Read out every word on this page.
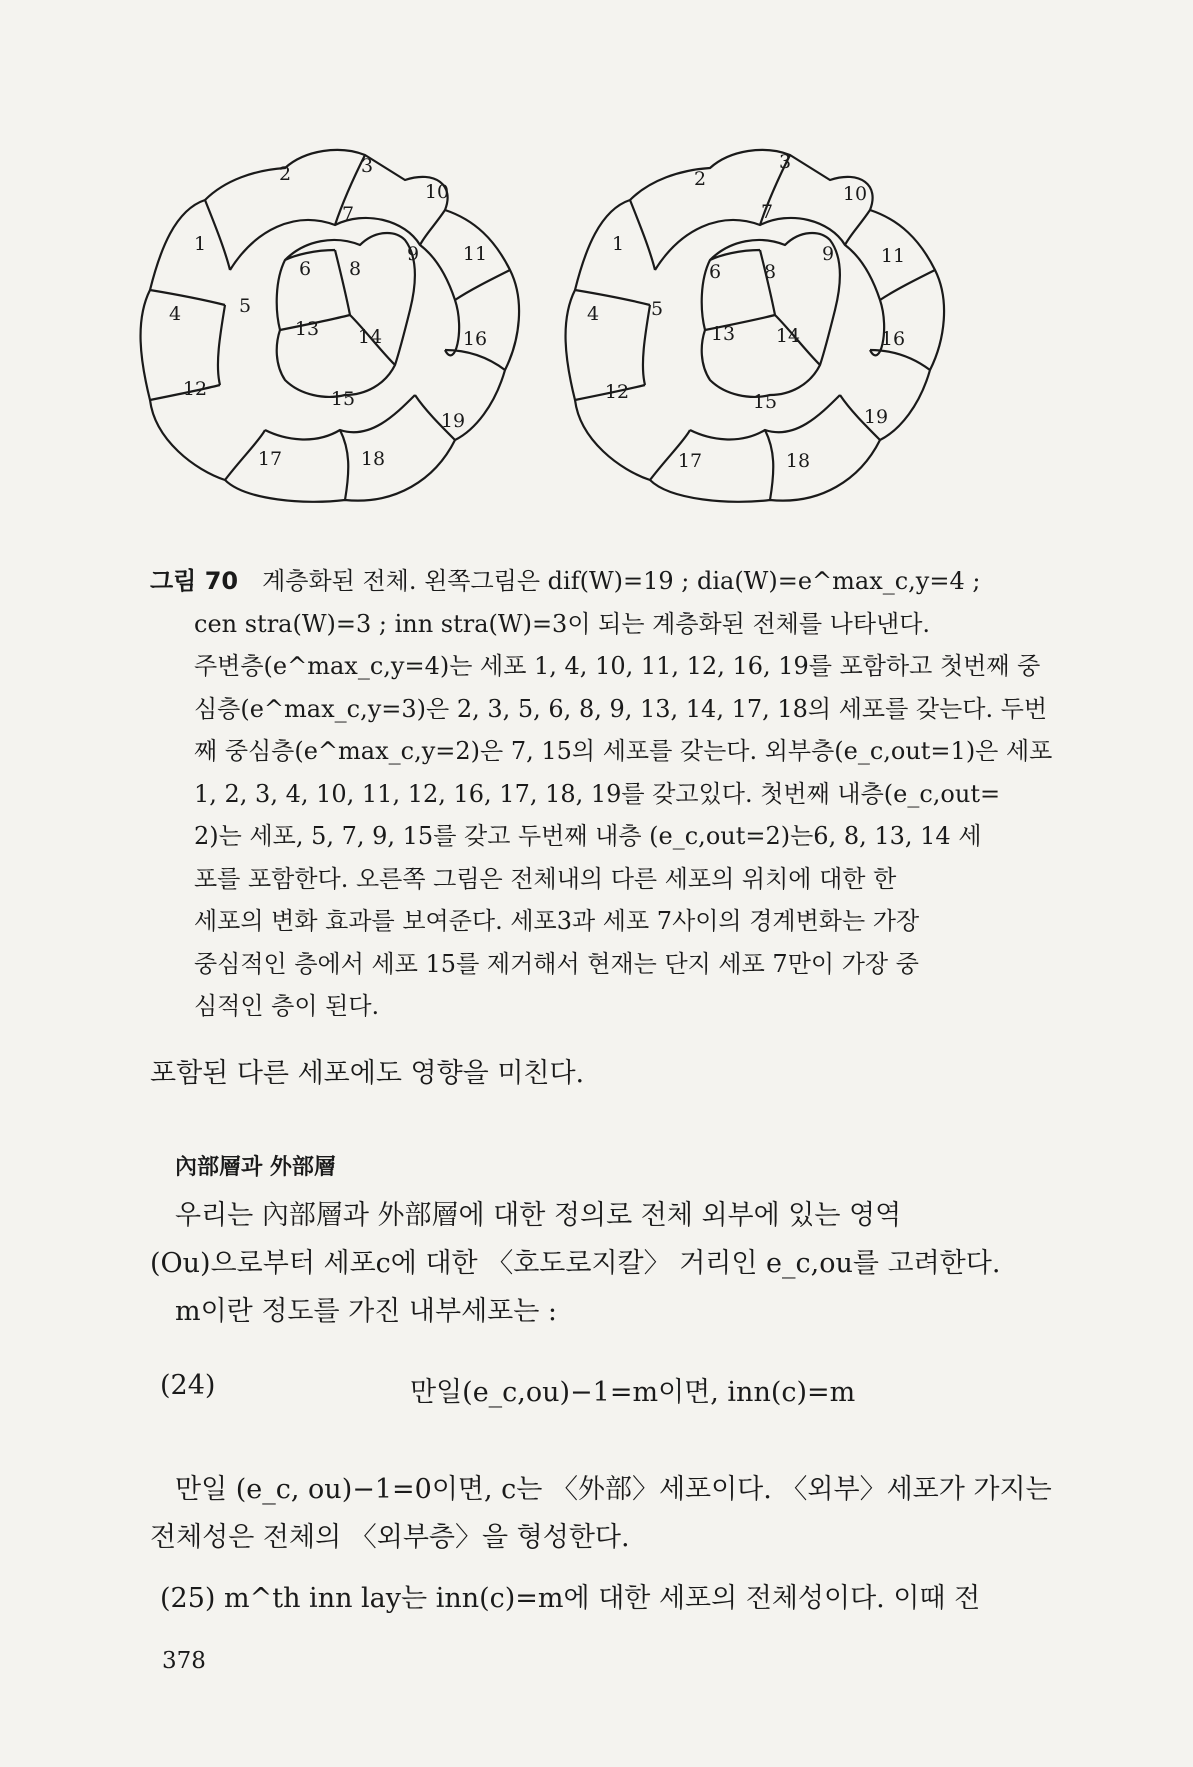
2	3
10
1
7
6 8
9 11
4	5
13 14	16
12	15
19
17	18
2
3
10
1
7
6 8
9 11
4	5
13 14	16
12	15
19
17	18

그림 70 계층화된 전체. 왼쪽그림은 dif(W)=19 ; dia(W)=e^max_c,y=4 ;

cen stra(W)=3 ; inn stra(W)=3이 되는 계층화된 전체를 나타낸다.

주변층(e^max_c,y=4)는 세포 1, 4, 10, 11, 12, 16, 19를 포함하고 첫번째 중

심층(e^max_c,y=3)은 2, 3, 5, 6, 8, 9, 13, 14, 17, 18의 세포를 갖는다. 두번

째 중심층(e^max_c,y=2)은 7, 15의 세포를 갖는다. 외부층(e_c,out=1)은 세포

1, 2, 3, 4, 10, 11, 12, 16, 17, 18, 19를 갖고있다. 첫번째 내층(e_c,out=

2)는 세포, 5, 7, 9, 15를 갖고 두번째 내층 (e_c,out=2)는6, 8, 13, 14 세

포를 포함한다. 오른쪽 그림은 전체내의 다른 세포의 위치에 대한 한

세포의 변화 효과를 보여준다. 세포3과 세포 7사이의 경계변화는 가장

중심적인 층에서 세포 15를 제거해서 현재는 단지 세포 7만이 가장 중

심적인 층이 된다.

포함된 다른 세포에도 영향을 미친다.
內部層과 外部層
우리는 內部層과 外部層에 대한 정의로 전체 외부에 있는 영역
(Ou)으로부터 세포c에 대한 〈호도로지칼〉 거리인 e_c,ou를 고려한다.
m이란 정도를 가진 내부세포는 :
(24)	만일(e_c,ou)−1=m이면, inn(c)=m
만일 (e_c, ou)−1=0이면, c는 〈外部〉세포이다. 〈외부〉세포가 가지는
전체성은 전체의 〈외부층〉을 형성한다.
378
(25) m^th inn lay는 inn(c)=m에 대한 세포의 전체성이다. 이때 전
